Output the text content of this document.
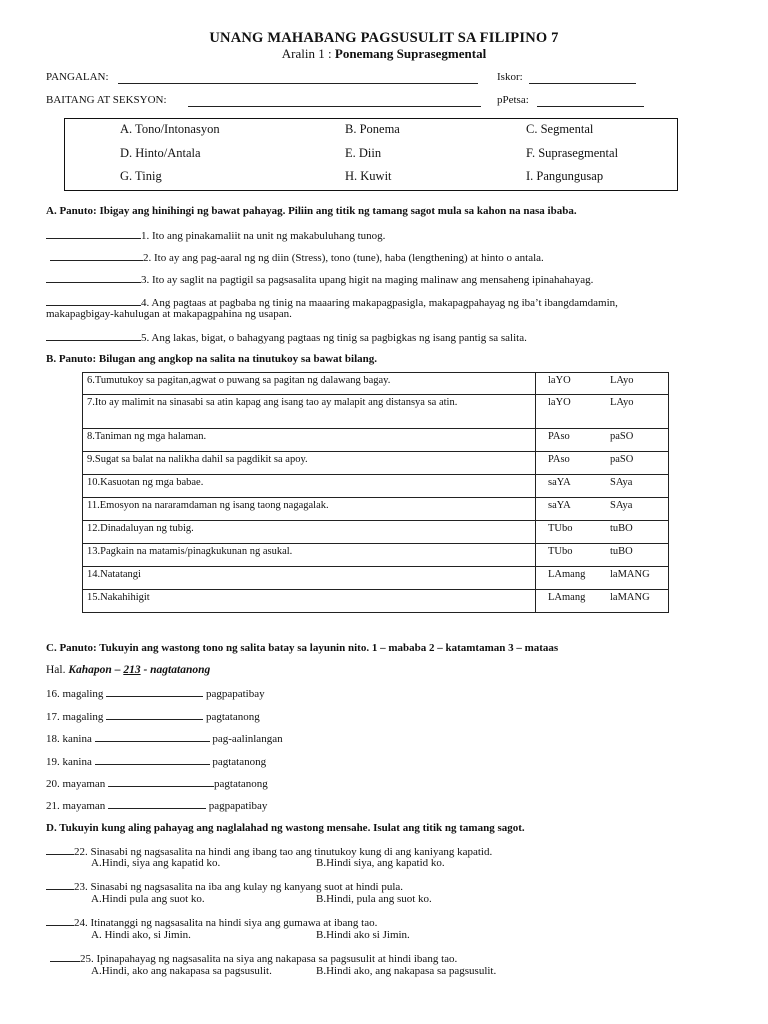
UNANG MAHABANG PAGSUSULIT SA FILIPINO 7
Aralin 1 : Ponemang Suprasegmental
PANGALAN:	Iskor:
BAITANG AT SEKSYON:	pPetsa:
A. Tono/Intonasyon	B. Ponema	C. Segmental
D. Hinto/Antala	E. Diin	F. Suprasegmental
G. Tinig	H. Kuwit	I. Pangungusap
A. Panuto: Ibigay ang hinihingi ng bawat pahayag. Piliin ang titik ng tamang sagot mula sa kahon na nasa ibaba.
1. Ito ang pinakamaliit na unit ng makabuluhang tunog.
2. Ito ay ang pag-aaral ng ng diin (Stress), tono (tune), haba (lengthening) at hinto o antala.
3. Ito ay saglit na pagtigil sa pagsasalita upang higit na maging malinaw ang mensaheng ipinahahayag.
4. Ang pagtaas at pagbaba ng tinig na maaaring makapagpasigla, makapagpahayag ng iba’t ibangdamdamin,
makapagbigay-kahulugan at makapagpahina ng usapan.
5. Ang lakas, bigat, o bahagyang pagtaas ng tinig sa pagbigkas ng isang pantig sa salita.
B. Panuto: Bilugan ang angkop na salita na tinutukoy sa bawat bilang.
6.Tumutukoy sa pagitan,agwat o puwang sa pagitan ng dalawang bagay.	laYO LAyo
7.Ito ay malimit na sinasabi sa atin kapag ang isang tao ay malapit ang distansya sa atin.	laYO LAyo
8.Taniman ng mga halaman.	PAso paSO
9.Sugat sa balat na nalikha dahil sa pagdikit sa apoy.	PAso paSO
10.Kasuotan ng mga babae.	saYA SAya
11.Emosyon na nararamdaman ng isang taong nagagalak.	saYA SAya
12.Dinadaluyan ng tubig.	TUbo tuBO
13.Pagkain na matamis/pinagkukunan ng asukal.	TUbo tuBO
14.Natatangi	LAmang laMANG
15.Nakahihigit	LAmang laMANG
C. Panuto: Tukuyin ang wastong tono ng salita batay sa layunin nito. 1 – mababa 2 – katamtaman 3 – mataas
Hal. Kahapon – 213 - nagtatanong
16. magaling	pagpapatibay
17. magaling	pagtatanong
18. kanina	pag-aalinlangan
19. kanina	pagtatanong
20. mayaman	pagtatanong
21. mayaman	pagpapatibay
D. Tukuyin kung aling pahayag ang naglalahad ng wastong mensahe. Isulat ang titik ng tamang sagot.
22. Sinasabi ng nagsasalita na hindi ang ibang tao ang tinutukoy kung di ang kaniyang kapatid.
A.Hindi, siya ang kapatid ko.	B.Hindi siya, ang kapatid ko.
23. Sinasabi ng nagsasalita na iba ang kulay ng kanyang suot at hindi pula.
A.Hindi pula ang suot ko.	B.Hindi, pula ang suot ko.
24. Itinatanggi ng nagsasalita na hindi siya ang gumawa at ibang tao.
A. Hindi ako, si Jimin.	B.Hindi ako si Jimin.
25. Ipinapahayag ng nagsasalita na siya ang nakapasa sa pagsusulit at hindi ibang tao.
A.Hindi, ako ang nakapasa sa pagsusulit.	B.Hindi ako, ang nakapasa sa pagsusulit.
